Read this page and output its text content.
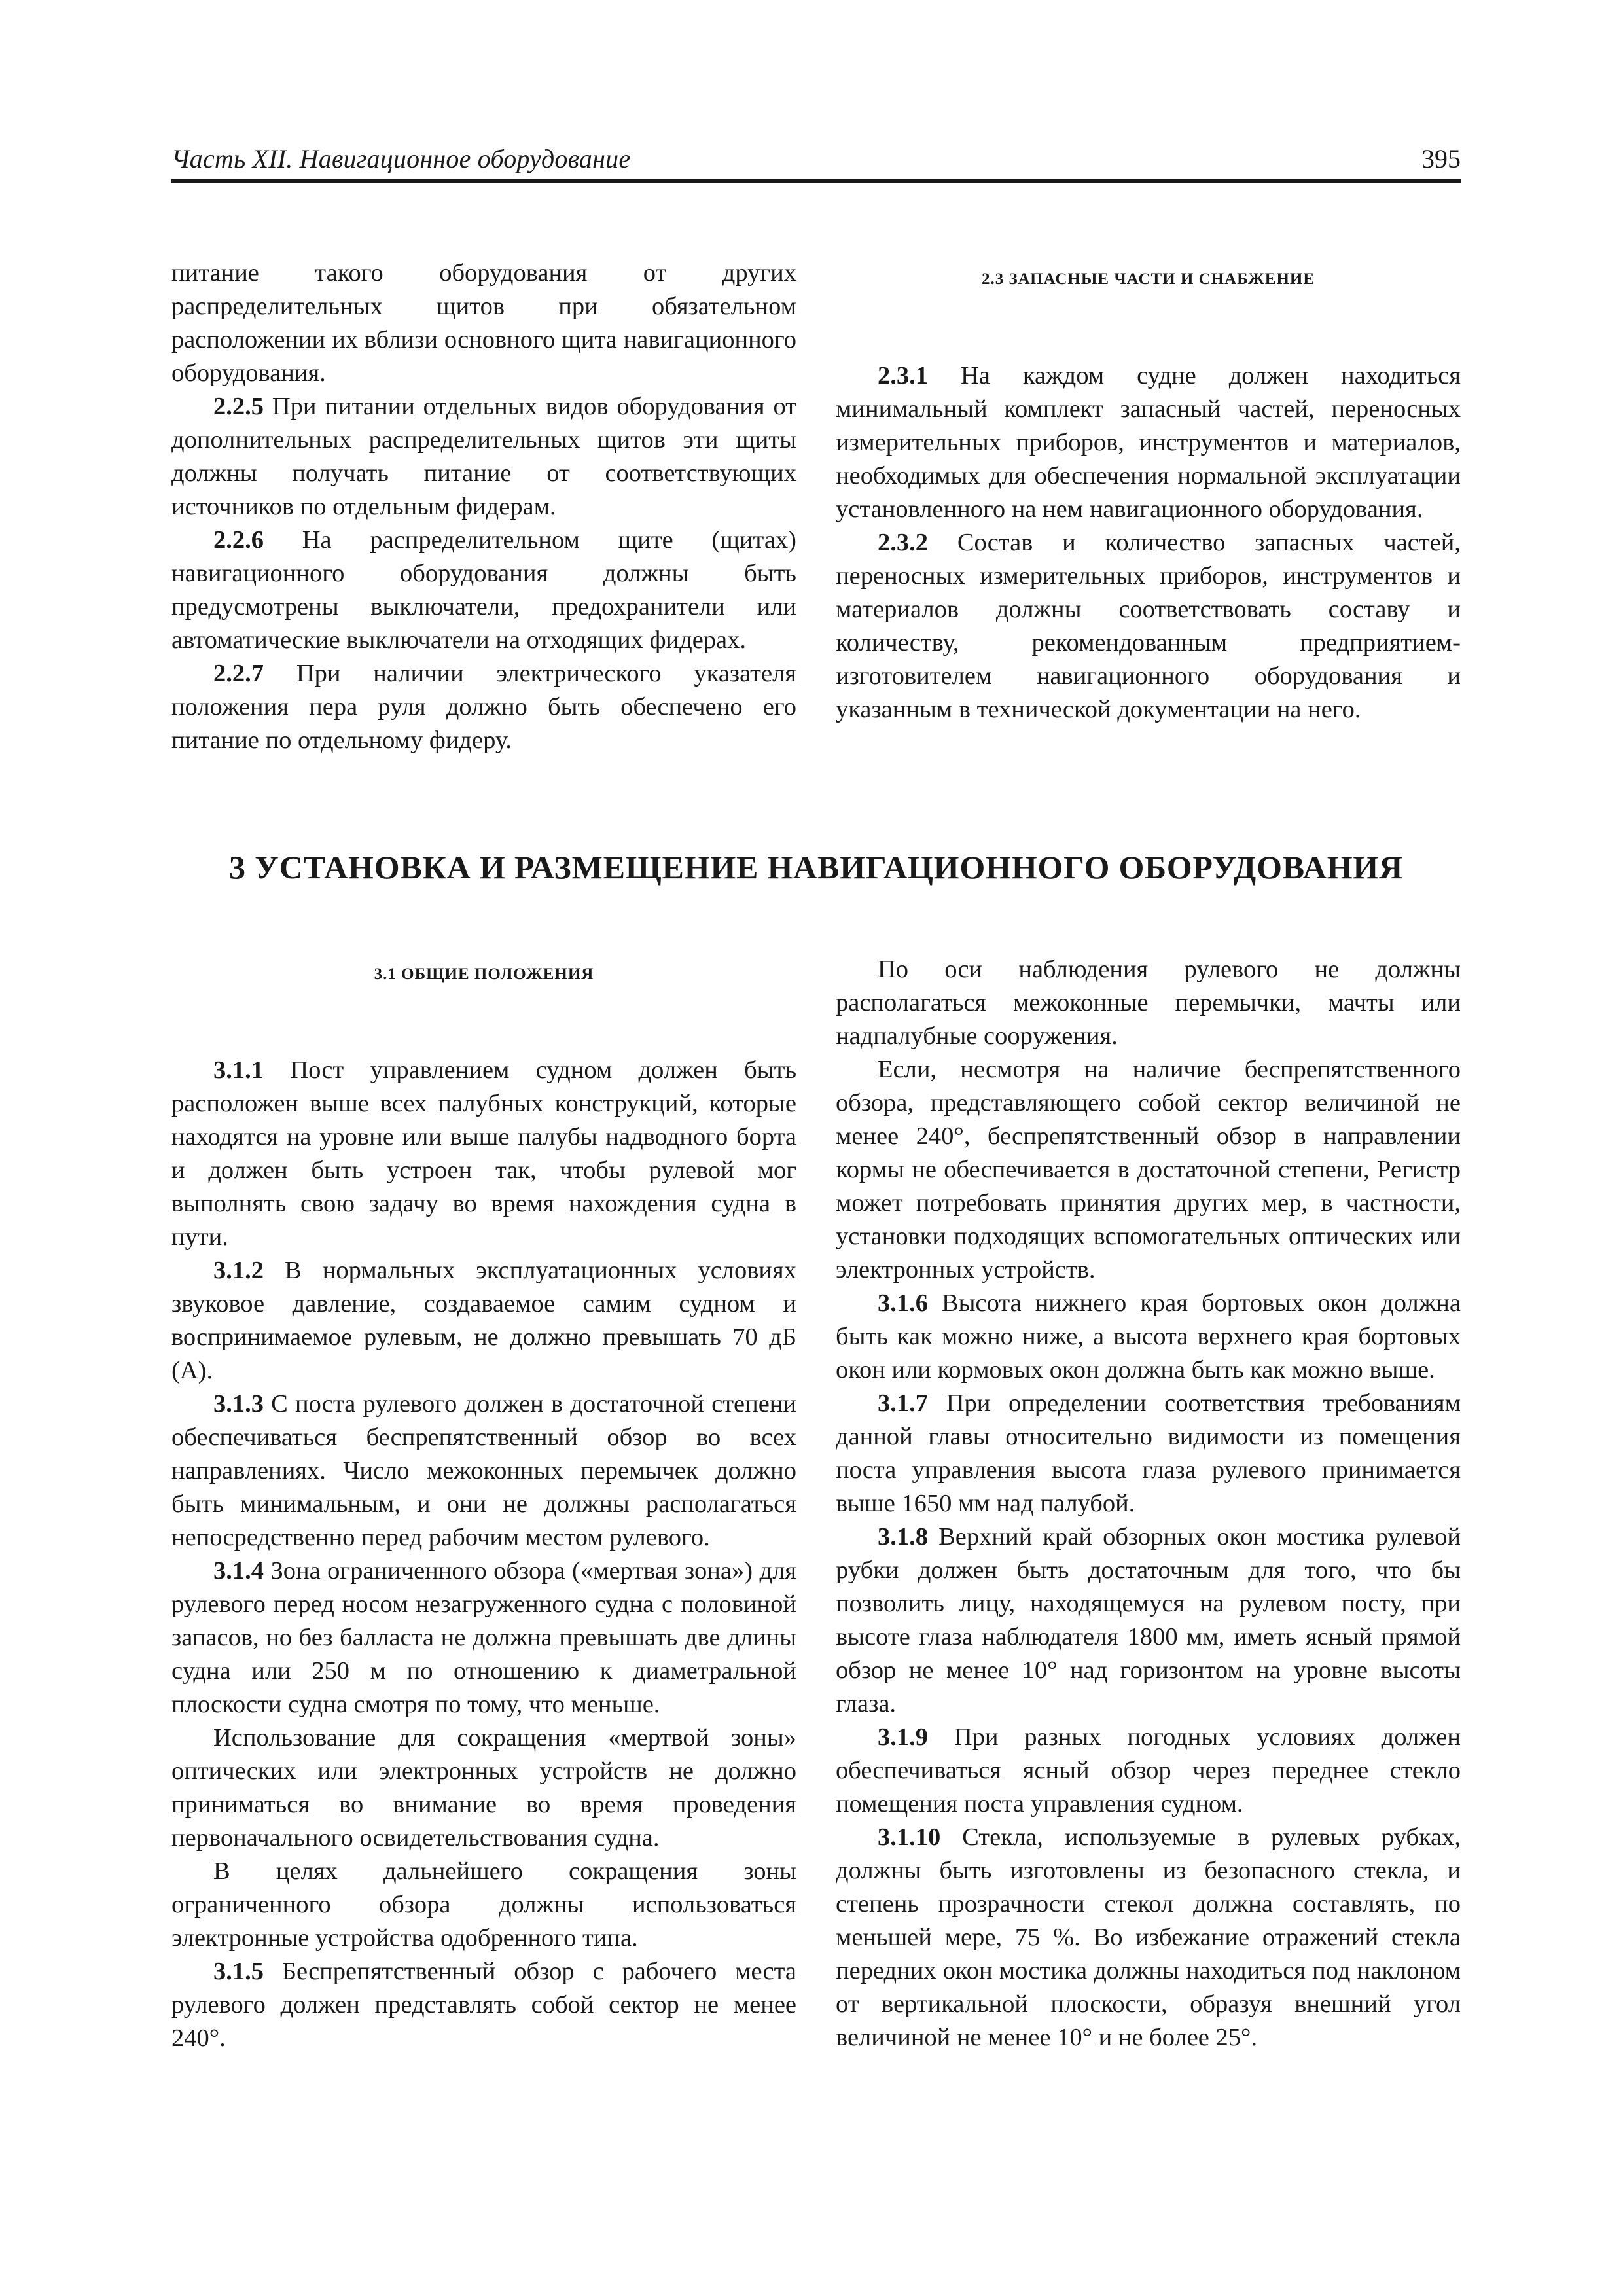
Часть XII. Навигационное оборудование	395

питание такого оборудования от других распределительных щитов при обязательном расположении их вблизи основного щита навигационного оборудования.

2.2.5 При питании отдельных видов оборудования от дополнительных распределительных щитов эти щиты должны получать питание от соответствующих источников по отдельным фидерам.

2.2.6 На распределительном щите (щитах) навигационного оборудования должны быть предусмотрены выключатели, предохранители или автоматические выключатели на отходящих фидерах.

2.2.7 При наличии электрического указателя положения пера руля должно быть обеспечено его питание по отдельному фидеру.

2.3 ЗАПАСНЫЕ ЧАСТИ И СНАБЖЕНИЕ

2.3.1 На каждом судне должен находиться минимальный комплект запасный частей, переносных измерительных приборов, инструментов и материалов, необходимых для обеспечения нормальной эксплуатации установленного на нем навигационного оборудования.

2.3.2 Состав и количество запасных частей, переносных измерительных приборов, инструментов и материалов должны соответствовать составу и количеству, рекомендованным предприятием-изготовителем навигационного оборудования и указанным в технической документации на него.

3 УСТАНОВКА И РАЗМЕЩЕНИЕ НАВИГАЦИОННОГО ОБОРУДОВАНИЯ
3.1 ОБЩИЕ ПОЛОЖЕНИЯ

3.1.1 Пост управлением судном должен быть расположен выше всех палубных конструкций, которые находятся на уровне или выше палубы надводного борта и должен быть устроен так, чтобы рулевой мог выполнять свою задачу во время нахождения судна в пути.

3.1.2 В нормальных эксплуатационных условиях звуковое давление, создаваемое самим судном и воспринимаемое рулевым, не должно превышать 70 дБ (A).

3.1.3 С поста рулевого должен в достаточной степени обеспечиваться беспрепятственный обзор во всех направлениях. Число межоконных перемычек должно быть минимальным, и они не должны располагаться непосредственно перед рабочим местом рулевого.

3.1.4 Зона ограниченного обзора («мертвая зона») для рулевого перед носом незагруженного судна с половиной запасов, но без балласта не должна превышать две длины судна или 250 м по отношению к диаметральной плоскости судна смотря по тому, что меньше.

Использование для сокращения «мертвой зоны» оптических или электронных устройств не должно приниматься во внимание во время проведения первоначального освидетельствования судна.

В целях дальнейшего сокращения зоны ограниченного обзора должны использоваться электронные устройства одобренного типа.

3.1.5 Беспрепятственный обзор с рабочего места рулевого должен представлять собой сектор не менее 240°.

По оси наблюдения рулевого не должны располагаться межоконные перемычки, мачты или надпалубные сооружения.

Если, несмотря на наличие беспрепятственного обзора, представляющего собой сектор величиной не менее 240°, беспрепятственный обзор в направлении кормы не обеспечивается в достаточной степени, Регистр может потребовать принятия других мер, в частности, установки подходящих вспомогательных оптических или электронных устройств.

3.1.6 Высота нижнего края бортовых окон должна быть как можно ниже, а высота верхнего края бортовых окон или кормовых окон должна быть как можно выше.

3.1.7 При определении соответствия требованиям данной главы относительно видимости из помещения поста управления высота глаза рулевого принимается выше 1650 мм над палубой.

3.1.8 Верхний край обзорных окон мостика рулевой рубки должен быть достаточным для того, что бы позволить лицу, находящемуся на рулевом посту, при высоте глаза наблюдателя 1800 мм, иметь ясный прямой обзор не менее 10° над горизонтом на уровне высоты глаза.

3.1.9 При разных погодных условиях должен обеспечиваться ясный обзор через переднее стекло помещения поста управления судном.

3.1.10 Стекла, используемые в рулевых рубках, должны быть изготовлены из безопасного стекла, и степень прозрачности стекол должна составлять, по меньшей мере, 75 %. Во избежание отражений стекла передних окон мостика должны находиться под наклоном от вертикальной плоскости, образуя внешний угол величиной не менее 10° и не более 25°.
